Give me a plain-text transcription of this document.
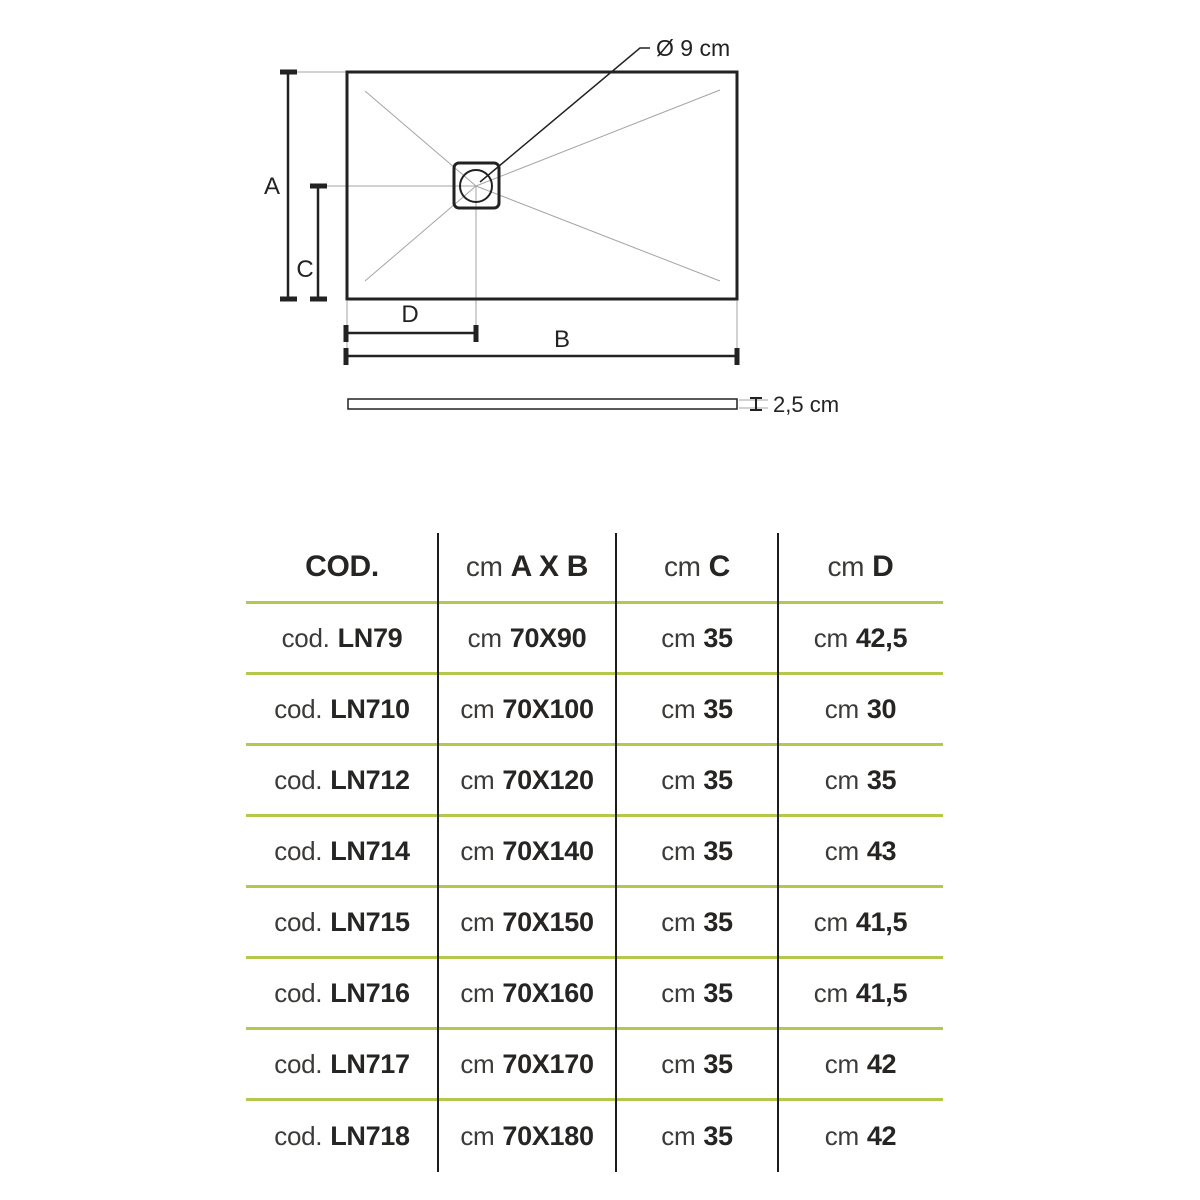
Ø 9 cm
A
C
D
B
2,5 cm
COD.	cm A X B	cm C	cm D
cod. LN79	cm 70X90	cm 35	cm 42,5
cod. LN710 cm 70X100	cm 35	cm 30
cod. LN712 cm 70X120	cm 35	cm 35
cod. LN714 cm 70X140	cm 35	cm 43
cod. LN715 cm 70X150	cm 35	cm 41,5
cod. LN716 cm 70X160	cm 35	cm 41,5
cod. LN717 cm 70X170	cm 35	cm 42
cod. LN718 cm 70X180	cm 35	cm 42
